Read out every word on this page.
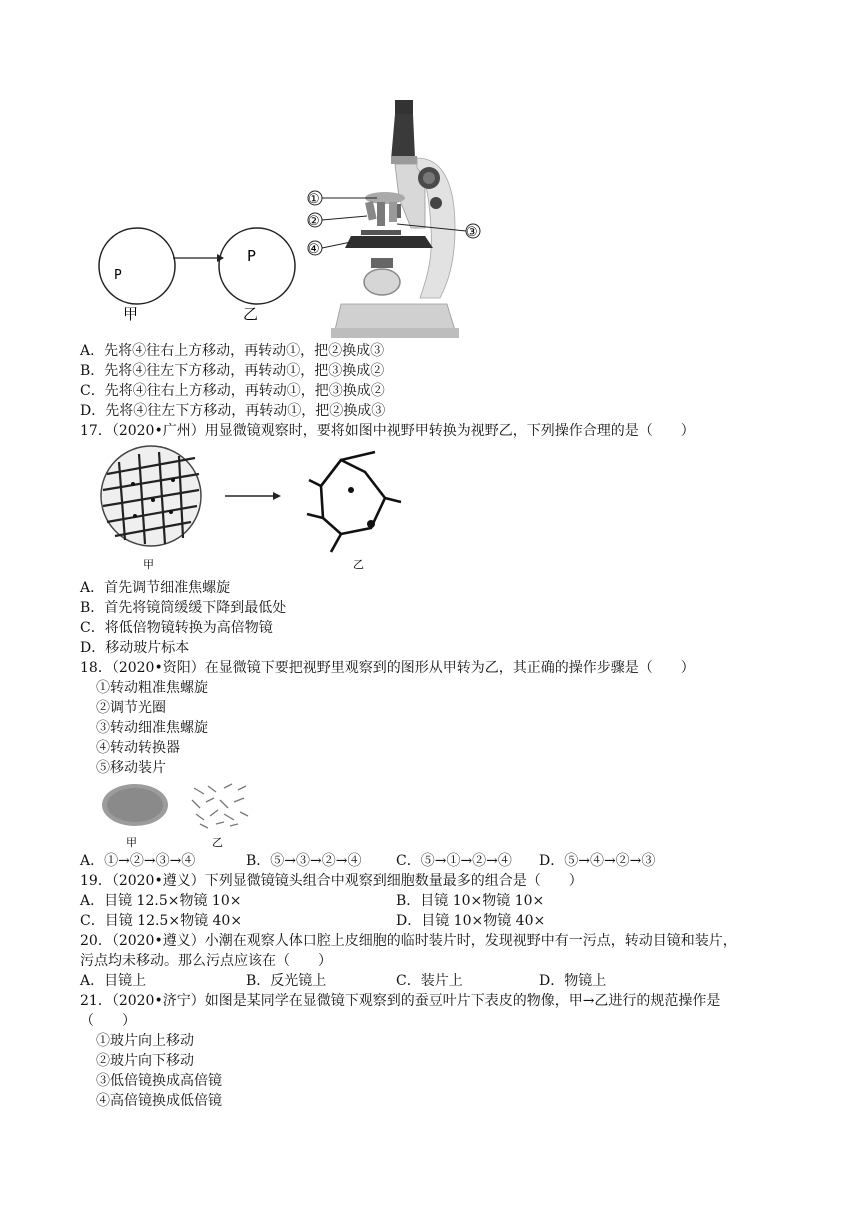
P
P
甲	乙
①
②
④
③
A．先将④往右上方移动，再转动①，把②换成③
B．先将④往左下方移动，再转动①，把③换成②
C．先将④往右上方移动，再转动①，把③换成②
D．先将④往左下方移动，再转动①，把②换成③
17．（2020•广州）用显微镜观察时，要将如图中视野甲转换为视野乙，下列操作合理的是（　　）
甲	乙
A．首先调节细准焦螺旋
B．首先将镜筒缓缓下降到最低处
C．将低倍物镜转换为高倍物镜
D．移动玻片标本
18．（2020•资阳）在显微镜下要把视野里观察到的图形从甲转为乙，其正确的操作步骤是（　　）
①转动粗准焦螺旋
②调节光圈
③转动细准焦螺旋
④转动转换器
⑤移动装片
甲	乙
A．①→②→③→④	B．⑤→③→②→④ C．⑤→①→②→④ D．⑤→④→②→③
19．（2020•遵义）下列显微镜镜头组合中观察到细胞数量最多的组合是（　　）
A．目镜 12.5×物镜 10×	B．目镜 10×物镜 10×
C．目镜 12.5×物镜 40×	D．目镜 10×物镜 40×
20．（2020•遵义）小潮在观察人体口腔上皮细胞的临时装片时，发现视野中有一污点，转动目镜和装片，
污点均未移动。那么污点应该在（　　）
A．目镜上	B．反光镜上	C．装片上	D．物镜上
21．（2020•济宁）如图是某同学在显微镜下观察到的蚕豆叶片下表皮的物像，甲→乙进行的规范操作是
（　　）
①玻片向上移动
②玻片向下移动
③低倍镜换成高倍镜
④高倍镜换成低倍镜
